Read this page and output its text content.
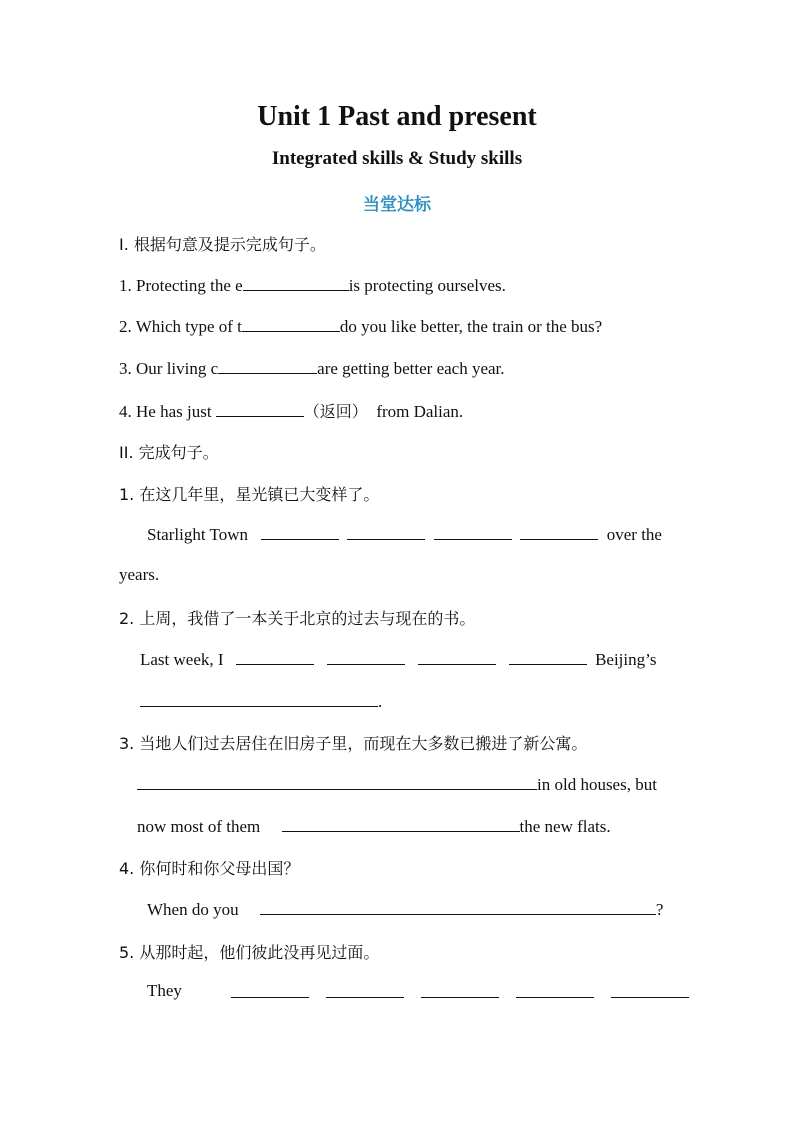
Unit 1 Past and present
Integrated skills & Study skills
当堂达标
I. 根据句意及提示完成句子。
1. Protecting the e	is protecting ourselves.
2. Which type of t	do you like better, the train or the bus?
3. Our living c	are getting better each year.
4. He has just	（返回） from Dalian.
II. 完成句子。
1. 在这几年里，星光镇已大变样了。
Starlight Town	over the
years.
2. 上周，我借了一本关于北京的过去与现在的书。
Last week, I	Beijing’s
.
3. 当地人们过去居住在旧房子里，而现在大多数已搬进了新公寓。
in old houses, but
now most of them	the new flats.
4. 你何时和你父母出国？
When do you	?
5. 从那时起，他们彼此没再见过面。
They
